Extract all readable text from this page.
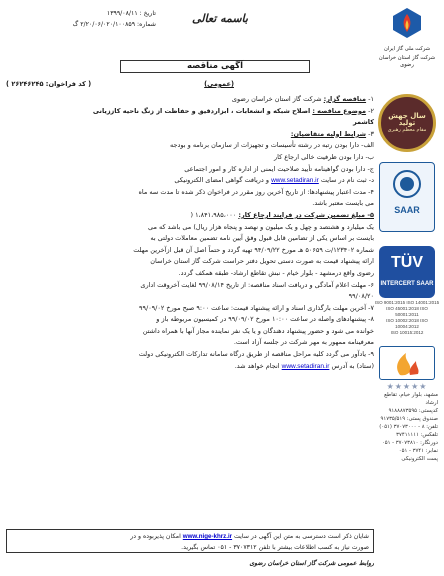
تاریخ : ۱۳۹۹/۰۸/۱۱
شماره: ۲/۲۰/۰۶/۰۲۰/۱۰۰۸۵۹ گ	باسمه تعالی
شرکت ملی گاز ایران
شرکت گاز استان خراسان رضوی
آگهی مناقصه
(عمومی)
( کد فراخوان: ۲۶۲۴۶۲۴۵ )

۱- مناقصه گزار: شرکت گاز استان خراسان رضوی

۲- موضوع مناقصه : اصلاح شبکه و انشعابات ، ابزاردقیق و حفاظت از زنگ ناحیه کاززیانی

کاشمر

۳- شرایط اولیه متقاضیان:

الف- دارا بودن رتبه در رشته تأسیسات و تجهیزات از سازمان برنامه و بودجه

ب- دارا بودن ظرفیت خالی ارجاع کار

ج- دارا بودن گواهینامه تأیید صلاحیت ایمنی از اداره کار و امور اجتماعی

د- ثبت نام در سایت www.setadiran.ir و دریافت گواهی امضای الکترونیکی

۴- مدت اعتبار پیشنهادها: از تاریخ آخرین روز مقرر در فراخوان ذکر شده تا مدت سه ماه

می بایست معتبر باشد.

۵- مبلغ تضمین شرکت در فرایند ارجاع کار: ۱،۸۴۱،۹۸۵،۰۰۰ (

یک میلیارد و هشتصد و چهل و یک میلیون و نهصد و پنجاه هزار ریال) می باشد که می

بایست بر اساس یکی از تضامین قابل قبول وفق آیین نامه تضمین معاملات دولتی به

شماره ۱۲۳۴۰۲/ت ۵۰۶۵۹ هـ مورخ ۹۴/۰۹/۲۲ تهیه گردد و حتماً اصل آن قبل ازآخرین مهلت

ارائه پیشنهاد قیمت به صورت دستی تحویل دفتر حراست شرکت گاز استان خراسان

رضوی واقع درمشهد - بلوار خیام - نبش تقاطع ارشاد- طبقه همکف گردد.

۶- مهلت اعلام آمادگی و دریافت اسناد مناقصه: از تاریخ ۹۹/۰۸/۱۴ لغایت آخروقت اداری

۹۹/۰۸/۲۰

۷- آخرین مهلت بارگذاری اسناد و ارائه پیشنهاد قیمت: ساعت ۹:۰۰ صبح مورخ ۹۹/۰۹/۰۲

۸- پیشنهادهای واصله در ساعت ۱۰:۰۰ مورخ ۹۹/۰۹/۰۲ در کمیسیون مربوطه باز و

خوانده می شود و حضور پیشنهاد دهندگان و یا یک نفر نماینده مجاز آنها با همراه داشتن

معرفینامه ممهور به مهر شرکت در جلسه آزاد است.

۹- یادآور می گردد کلیه مراحل مناقصه از طریق درگاه سامانه تدارکات الکترونیکی دولت

(ستاد) به آدرس www.setadiran.ir انجام خواهد شد.

شایان ذکر است دسترسی به متن این آگهی در سایت www.nige-khrz.ir امکان پذیربوده و در
صورت نیاز به کسب اطلاعات بیشتر با تلفن ۳۷۰۷۳۱۲ - ۰۵۱ تماس بگیرید.
روابط عمومی شرکت گاز استان خراسان رضوی
سال جهش تولید
مقام معظم رهبری
SAAR
TÜV
INTERCERT SAAR
ISO 9001:2015 ISO 14001:2015
ISO 45001:2018 ISO 50001:2011
ISO 10002:2018 ISO 10004:2012
ISO 10015:2012
★★★★★
مشهد، بلوار خیام، تقاطع ارشاد
کدپستی: ۹۱۸۸۸۷۳۵۹۵
صندوق پستی: ۹۱۷۳۵/۵۱۹
تلفن: ۸ - ۳۷۰۷۳۰۰۰ (۰۵۱)
تلفکس: ۳۷۴۱۱۱۱۱
دورنگار: ۳۷۰۷۳۸۱۰ - ۰۵۱
نمابر: ۳۷۴۱ - ۰۵۱
پست الکترونیکی
